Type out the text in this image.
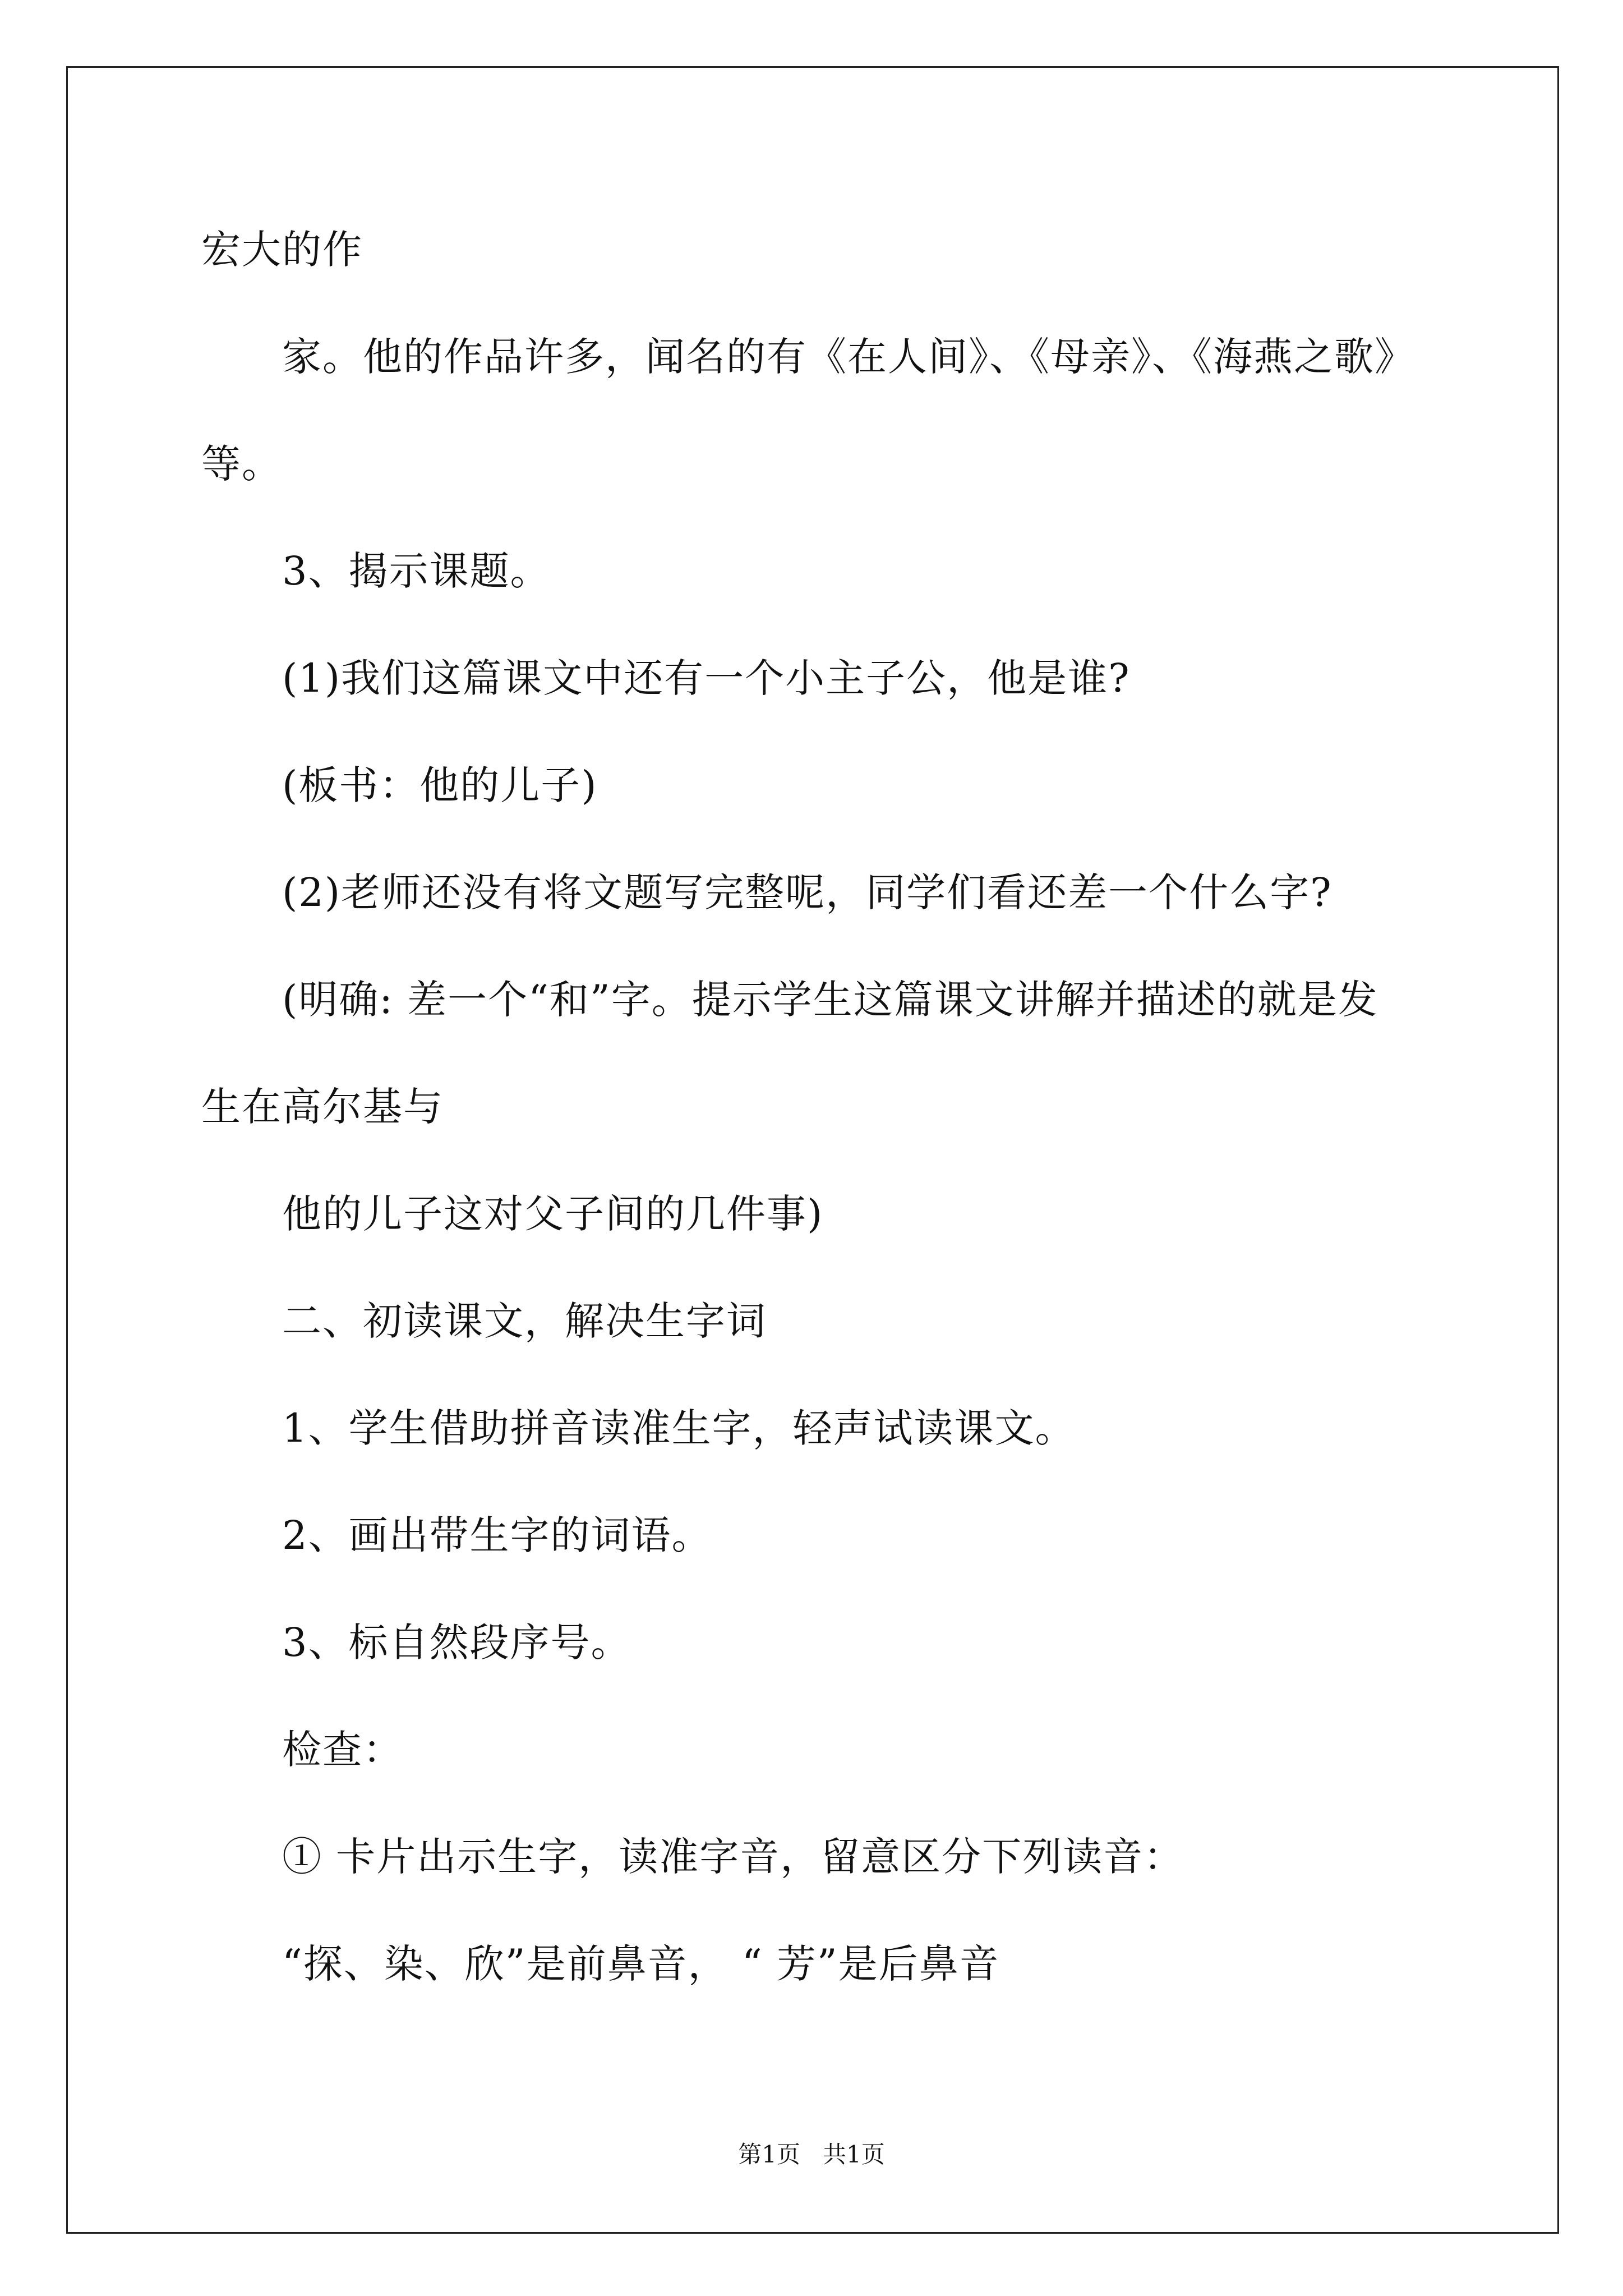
宏大的作
家。他的作品许多，闻名的有《在人间》、《母亲》、《海燕之歌》
等。
3、揭示课题。
(1)我们这篇课文中还有一个小主子公，他是谁?
(板书：他的儿子)
(2)老师还没有将文题写完整呢，同学们看还差一个什么字?
(明确: 差一个“和”字。提示学生这篇课文讲解并描述的就是发
生在高尔基与
他的儿子这对父子间的几件事)
二、初读课文，解决生字词
1、学生借助拼音读准生字，轻声试读课文。
2、画出带生字的词语。
3、标自然段序号。
检查：
① 卡片出示生字，读准字音，留意区分下列读音：
“探、染、欣”是前鼻音， “ 芳”是后鼻音
第1页   共1页
